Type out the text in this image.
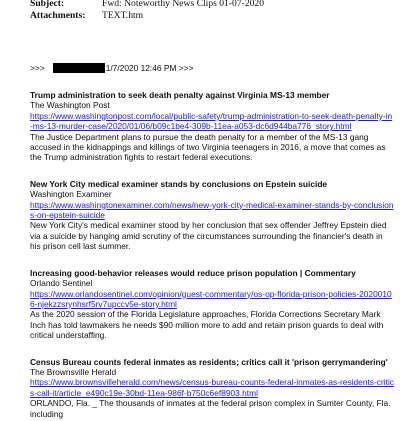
Subject:	Fwd: Noteworthy News Clips 01-07-2020
Attachments: TEXT.htm
>>>	1/7/2020 12:46 PM >>>
Trump administration to seek death penalty against Virginia MS-13 member
The Washington Post
https://www.washingtonpost.com/local/public-safety/trump-administration-to-seek-death-penalty-in-ms-13-murder-case/2020/01/06/b09c1be4-309b-11ea-a053-dc6d944ba776_story.html
The Justice Department plans to pursue the death penalty for a member of the MS-13 gang accused in the kidnappings and killings of two Virginia teenagers in 2016, a move that comes as the Trump administration fights to restart federal executions.
New York City medical examiner stands by conclusions on Epstein suicide
Washington Examiner
https://www.washingtonexaminer.com/news/new-york-city-medical-examiner-stands-by-conclusions-on-epstein-suicide
New York City's medical examiner stood by her conclusion that sex offender Jeffrey Epstein died via a suicide by hanging amid scrutiny of the circumstances surrounding the financier's death in his prison cell last summer.
Increasing good-behavior releases would reduce prison population | Commentary
Orlando Sentinel
https://www.orlandosentinel.com/opinion/guest-commentary/os-op-florida-prison-policies-20200106-njekzzsrynhsrf5rv7upccv5e-story.html
As the 2020 session of the Florida Legislature approaches, Florida Corrections Secretary Mark Inch has told lawmakers he needs $90 million more to add and retain prison guards to deal with critical understaffing.
Census Bureau counts federal inmates as residents; critics call it 'prison gerrymandering'
The Brownsville Herald
https://www.brownsvilleherald.com/news/census-bureau-counts-federal-inmates-as-residents-critics-call-it/article_e490c19e-30bd-11ea-986f-b750c6ef8903.html
ORLANDO, Fla. _ The thousands of inmates at the federal prison complex in Sumter County, Fla. including
